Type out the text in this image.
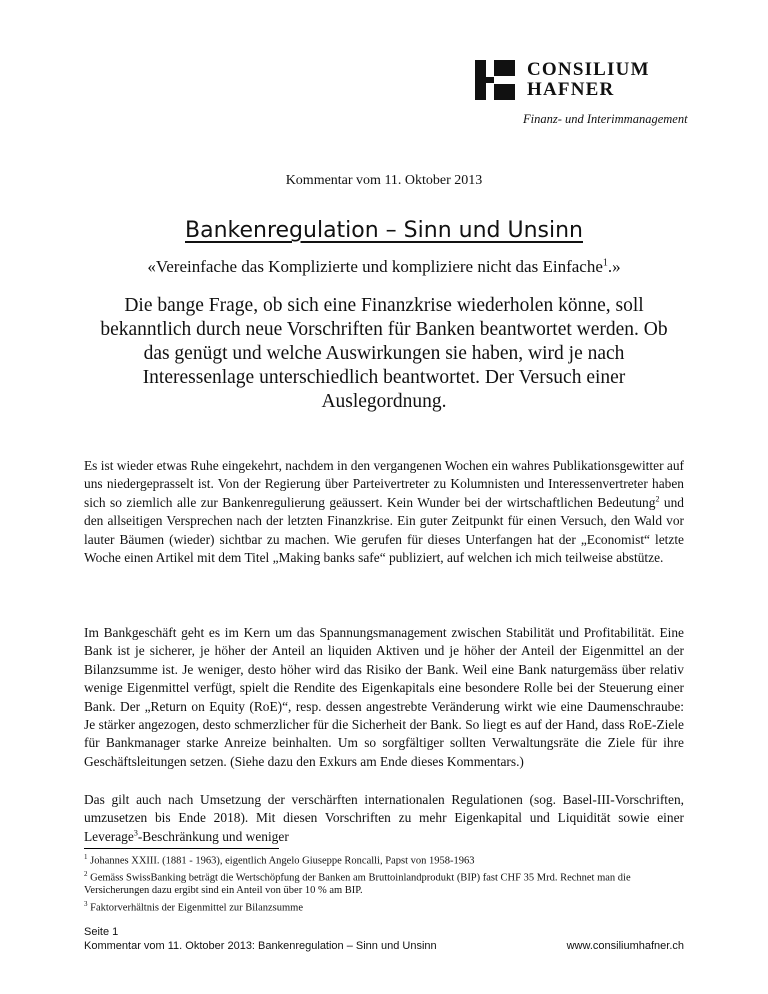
CONSILIUM
HAFNER
Finanz- und Interimmanagement
Kommentar vom 11. Oktober 2013
Bankenregulation – Sinn und Unsinn
«Vereinfache das Komplizierte und kompliziere nicht das Einfache$^1$.»
Die bange Frage, ob sich eine Finanzkrise wiederholen könne, soll bekanntlich durch neue Vorschriften für Banken beantwortet werden. Ob das genügt und welche Auswirkungen sie haben, wird je nach Interessenlage unterschiedlich beantwortet. Der Versuch einer Auslegordnung.

Es ist wieder etwas Ruhe eingekehrt, nachdem in den vergangenen Wochen ein wahres Publikationsgewitter auf uns niedergeprasselt ist. Von der Regierung über Parteivertreter zu Kolumnisten und Interessenvertreter haben sich so ziemlich alle zur Bankenregulierung geäussert. Kein Wunder bei der wirtschaftlichen Bedeutung$^2$ und den allseitigen Versprechen nach der letzten Finanzkrise. Ein guter Zeitpunkt für einen Versuch, den Wald vor lauter Bäumen (wieder) sichtbar zu machen. Wie gerufen für dieses Unterfangen hat der „Economist“ letzte Woche einen Artikel mit dem Titel „Making banks safe“ publiziert, auf welchen ich mich teilweise abstütze.

Im Bankgeschäft geht es im Kern um das Spannungsmanagement zwischen Stabilität und Profitabilität. Eine Bank ist je sicherer, je höher der Anteil an liquiden Aktiven und je höher der Anteil der Eigenmittel an der Bilanzsumme ist. Je weniger, desto höher wird das Risiko der Bank. Weil eine Bank naturgemäss über relativ wenige Eigenmittel verfügt, spielt die Rendite des Eigenkapitals eine besondere Rolle bei der Steuerung einer Bank. Der „Return on Equity (RoE)“, resp. dessen angestrebte Veränderung wirkt wie eine Daumenschraube: Je stärker angezogen, desto schmerzlicher für die Sicherheit der Bank. So liegt es auf der Hand, dass RoE-Ziele für Bankmanager starke Anreize beinhalten. Um so sorgfältiger sollten Verwaltungsräte die Ziele für ihre Geschäftsleitungen setzen. (Siehe dazu den Exkurs am Ende dieses Kommentars.)

Das gilt auch nach Umsetzung der verschärften internationalen Regulationen (sog. Basel-III-Vorschriften, umzusetzen bis Ende 2018). Mit diesen Vorschriften zu mehr Eigenkapital und Liquidität sowie einer Leverage$^3$-Beschränkung und weniger

$^1$ Johannes XXIII. (1881 - 1963), eigentlich Angelo Giuseppe Roncalli, Papst von 1958-1963
$^2$ Gemäss SwissBanking beträgt die Wertschöpfung der Banken am Bruttoinlandprodukt (BIP) fast CHF 35 Mrd. Rechnet man die Versicherungen dazu ergibt sind ein Anteil von über 10 % am BIP.
$^3$ Faktorverhältnis der Eigenmittel zur Bilanzsumme
Seite 1
Kommentar vom 11. Oktober 2013: Bankenregulation – Sinn und Unsinn	www.consiliumhafner.ch
